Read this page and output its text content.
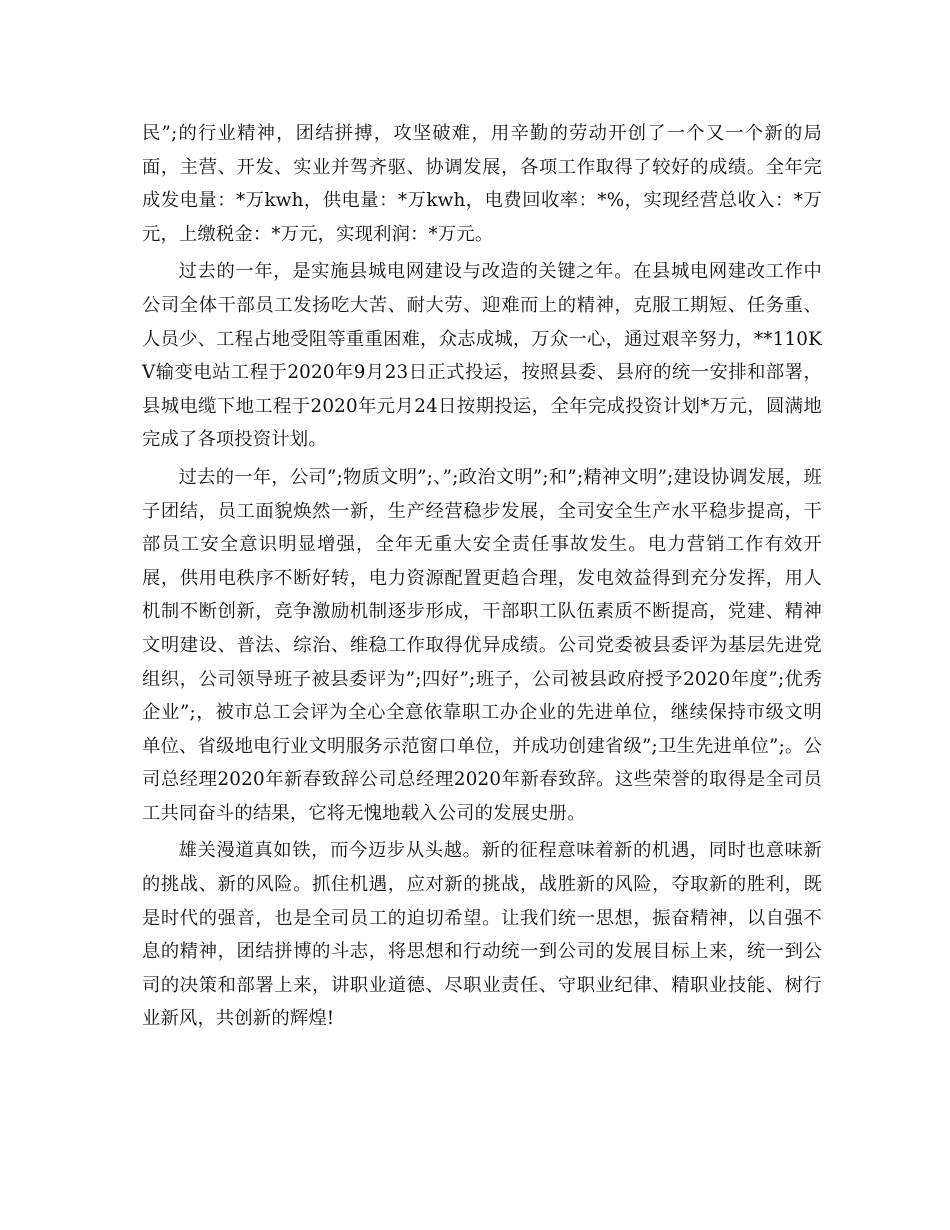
民”;的行业精神，团结拼搏，攻坚破难，用辛勤的劳动开创了一个又一个新的局面，主营、开发、实业并驾齐驱、协调发展，各项工作取得了较好的成绩。全年完成发电量：*万kwh，供电量：*万kwh，电费回收率：*%，实现经营总收入：*万元，上缴税金：*万元，实现利润：*万元。

过去的一年，是实施县城电网建设与改造的关键之年。在县城电网建改工作中公司全体干部员工发扬吃大苦、耐大劳、迎难而上的精神，克服工期短、任务重、人员少、工程占地受阻等重重困难，众志成城，万众一心，通过艰辛努力，**110KV输变电站工程于2020年9月23日正式投运，按照县委、县府的统一安排和部署，县城电缆下地工程于2020年元月24日按期投运，全年完成投资计划*万元，圆满地完成了各项投资计划。

过去的一年，公司”;物质文明”;、”;政治文明”;和”;精神文明”;建设协调发展，班子团结，员工面貌焕然一新，生产经营稳步发展，全司安全生产水平稳步提高，干部员工安全意识明显增强，全年无重大安全责任事故发生。电力营销工作有效开展，供用电秩序不断好转，电力资源配置更趋合理，发电效益得到充分发挥，用人机制不断创新，竞争激励机制逐步形成，干部职工队伍素质不断提高，党建、精神文明建设、普法、综治、维稳工作取得优异成绩。公司党委被县委评为基层先进党组织，公司领导班子被县委评为”;四好”;班子，公司被县政府授予2020年度”;优秀企业”;，被市总工会评为全心全意依靠职工办企业的先进单位，继续保持市级文明单位、省级地电行业文明服务示范窗口单位，并成功创建省级”;卫生先进单位”;。公司总经理2020年新春致辞公司总经理2020年新春致辞。这些荣誉的取得是全司员工共同奋斗的结果，它将无愧地载入公司的发展史册。

雄关漫道真如铁，而今迈步从头越。新的征程意味着新的机遇，同时也意味新的挑战、新的风险。抓住机遇，应对新的挑战，战胜新的风险，夺取新的胜利，既是时代的强音，也是全司员工的迫切希望。让我们统一思想，振奋精神，以自强不息的精神，团结拼博的斗志，将思想和行动统一到公司的发展目标上来，统一到公司的决策和部署上来，讲职业道德、尽职业责任、守职业纪律、精职业技能、树行业新风，共创新的辉煌!
